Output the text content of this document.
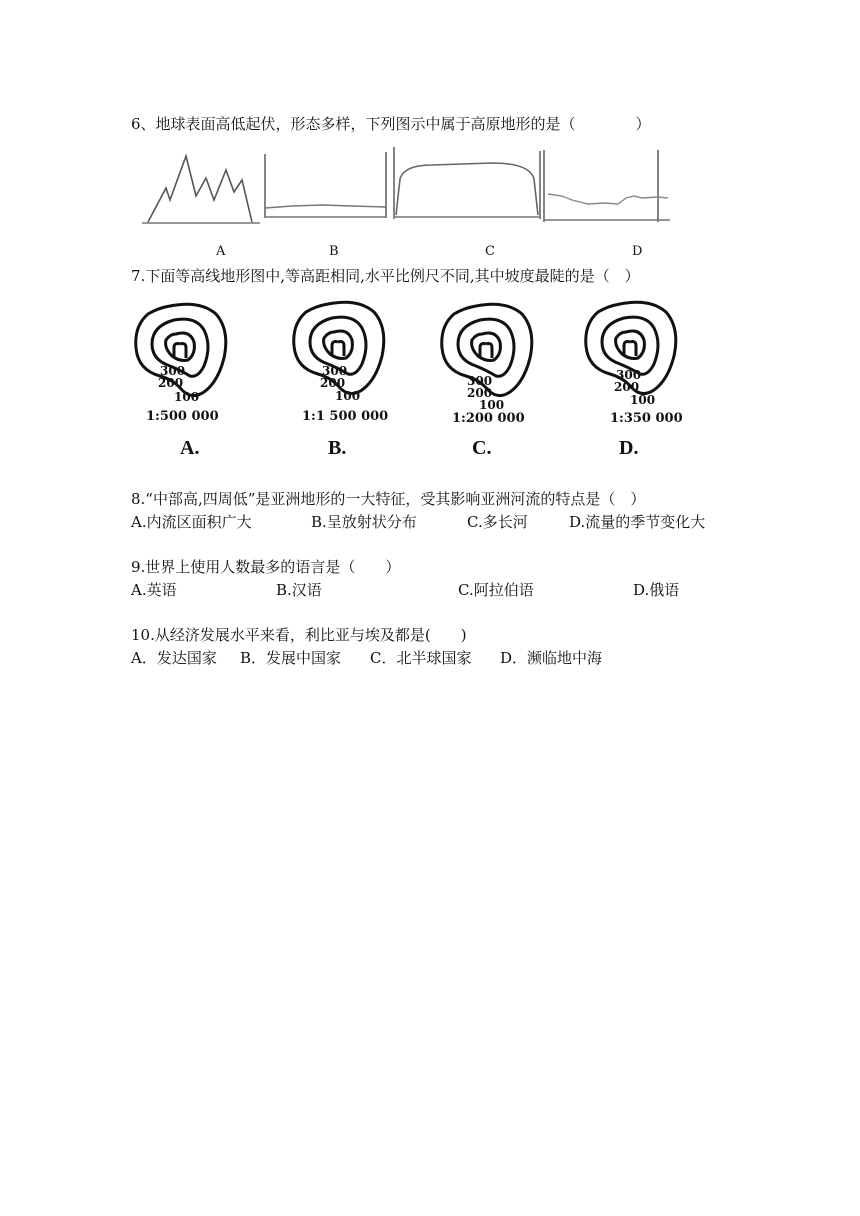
6、地球表面高低起伏，形态多样，下列图示中属于高原地形的是（　　　　）
A	B	C	D
7.下面等高线地形图中,等高距相同,水平比例尺不同,其中坡度最陡的是（　）
300
200
100
300
200
100
300
200
100
300
200
100
1:500 000	1:1 500 000	1:200 000	1:350 000
A.	B.	C.	D.
8.“中部高,四周低”是亚洲地形的一大特征，受其影响亚洲河流的特点是（　）
A.内流区面积广大	B.呈放射状分布	C.多长河	D.流量的季节变化大
9.世界上使用人数最多的语言是（　　）
A.英语	B.汉语	C.阿拉伯语	D.俄语
10.从经济发展水平来看，利比亚与埃及都是(　　)
A．发达国家 B．发展中国家 C．北半球国家 D．濒临地中海
